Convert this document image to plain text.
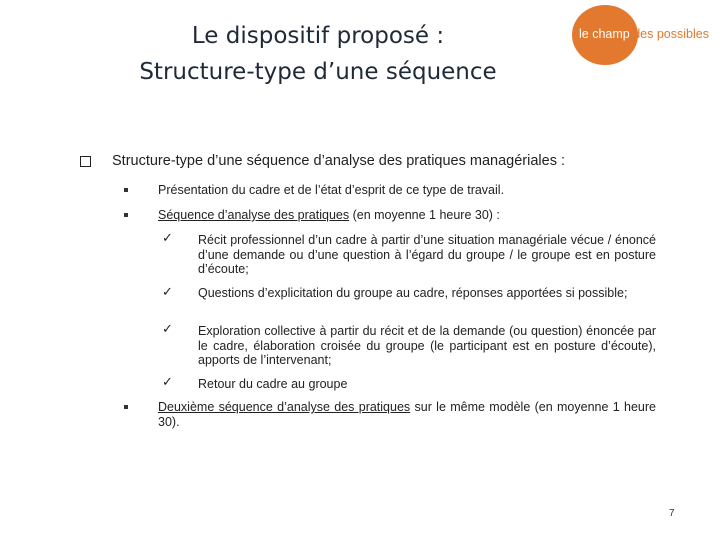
Le dispositif proposé :
Structure-type d’une séquence
le champ des possibles
Structure-type d’une séquence d’analyse des pratiques managériales :
Présentation du cadre et de l’état d’esprit de ce type de travail.
Séquence d’analyse des pratiques (en moyenne 1 heure 30) :
✓ Récit professionnel d’un cadre à partir d’une situation managériale vécue / énoncé d’une demande ou d’une question à l’égard du groupe / le groupe est en posture d’écoute;
✓ Questions d’explicitation du groupe au cadre, réponses apportées si possible;
✓ Exploration collective à partir du récit et de la demande (ou question) énoncée par le cadre, élaboration croisée du groupe (le participant est en posture d’écoute), apports de l’intervenant;
✓ Retour du cadre au groupe
Deuxième séquence d’analyse des pratiques sur le même modèle (en moyenne 1 heure 30).
7
